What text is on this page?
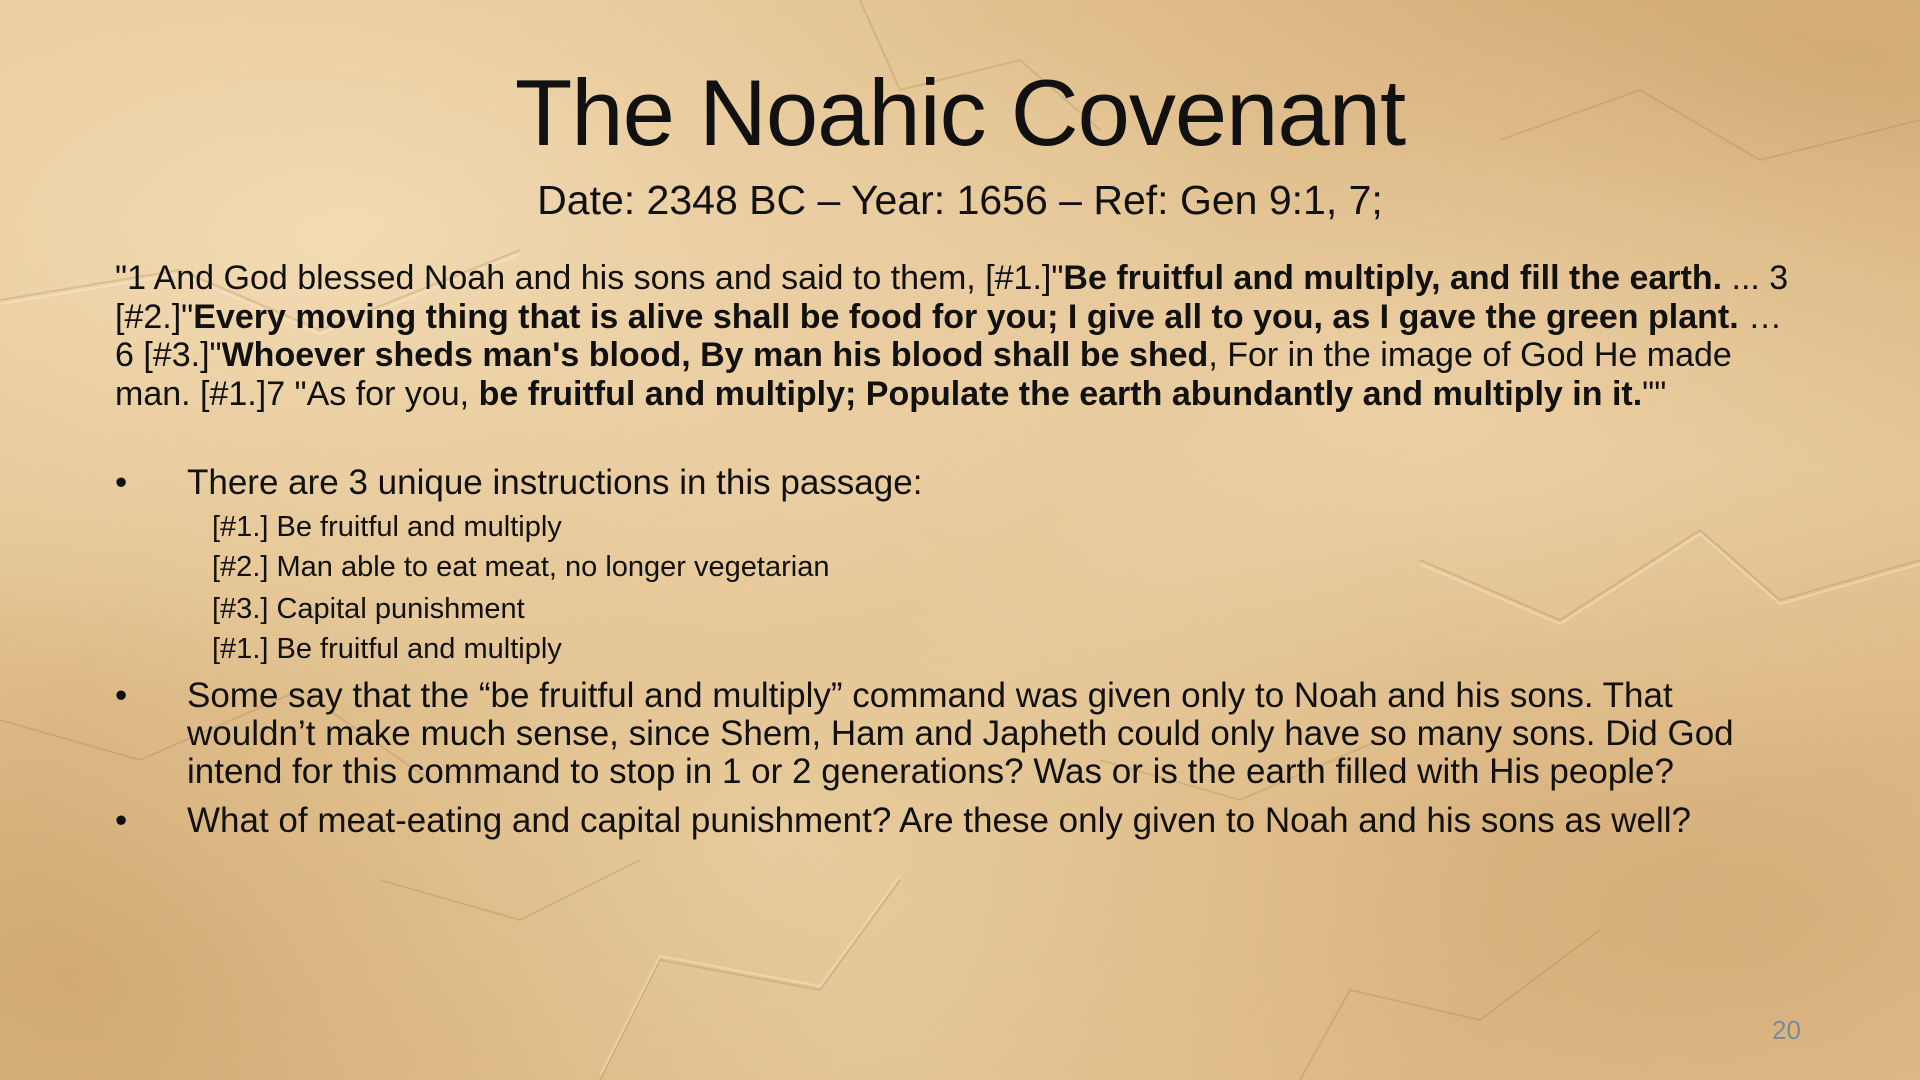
The Noahic Covenant
Date: 2348 BC – Year: 1656 – Ref: Gen 9:1, 7;
"1 And God blessed Noah and his sons and said to them, [#1.]"Be fruitful and multiply, and fill the earth. ... 3 [#2.]"Every moving thing that is alive shall be food for you; I give all to you, as I gave the green plant. … 6 [#3.]"Whoever sheds man's blood, By man his blood shall be shed, For in the image of God He made man. [#1.]7 "As for you, be fruitful and multiply; Populate the earth abundantly and multiply in it.""
•	There are 3 unique instructions in this passage:
[#1.] Be fruitful and multiply
[#2.] Man able to eat meat, no longer vegetarian
[#3.] Capital punishment
[#1.] Be fruitful and multiply
•	Some say that the “be fruitful and multiply” command was given only to Noah and his sons. That wouldn’t make much sense, since Shem, Ham and Japheth could only have so many sons. Did God intend for this command to stop in 1 or 2 generations? Was or is the earth filled with His people?
•	What of meat-eating and capital punishment? Are these only given to Noah and his sons as well?
20
